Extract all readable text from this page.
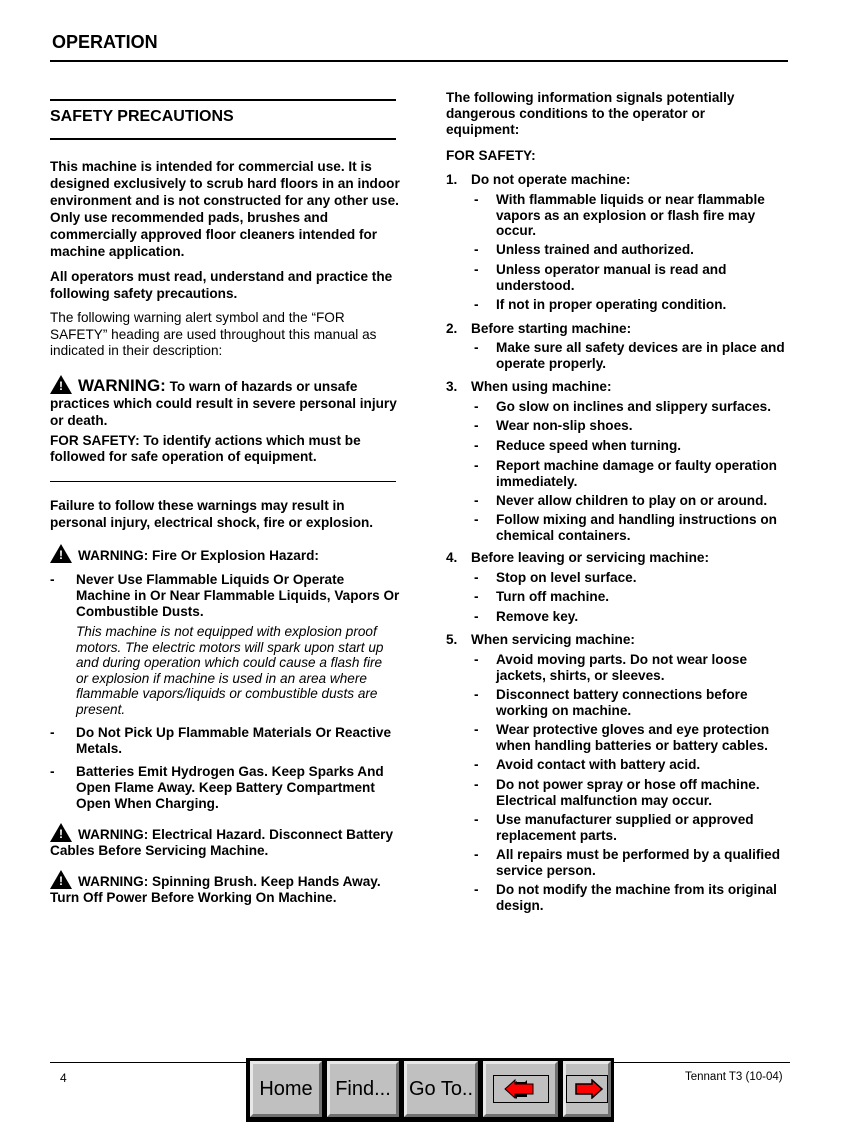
OPERATION
SAFETY PRECAUTIONS
This machine is intended for commercial use. It is designed exclusively to scrub hard floors in an indoor environment and is not constructed for any other use. Only use recommended pads, brushes and commercially approved floor cleaners intended for machine application.
All operators must read, understand and practice the following safety precautions.
The following warning alert symbol and the “FOR SAFETY” heading are used throughout this manual as indicated in their description:
!WARNING: To warn of hazards or unsafe practices which could result in severe personal injury or death.
FOR SAFETY: To identify actions which must be followed for safe operation of equipment.
Failure to follow these warnings may result in personal injury, electrical shock, fire or explosion.
!WARNING: Fire Or Explosion Hazard:
- Never Use Flammable Liquids Or Operate Machine in Or Near Flammable Liquids, Vapors Or Combustible Dusts.
This machine is not equipped with explosion proof motors. The electric motors will spark upon start up and during operation which could cause a flash fire or explosion if machine is used in an area where flammable vapors/liquids or combustible dusts are present.
- Do Not Pick Up Flammable Materials Or Reactive Metals.
- Batteries Emit Hydrogen Gas. Keep Sparks And Open Flame Away. Keep Battery Compartment Open When Charging.
!WARNING: Electrical Hazard. Disconnect Battery Cables Before Servicing Machine.
!WARNING: Spinning Brush. Keep Hands Away. Turn Off Power Before Working On Machine.
The following information signals potentially dangerous conditions to the operator or equipment:
FOR SAFETY:
1. Do not operate machine:
- With flammable liquids or near flammable vapors as an explosion or flash fire may occur.
- Unless trained and authorized.
- Unless operator manual is read and understood.
- If not in proper operating condition.
2. Before starting machine:
- Make sure all safety devices are in place and operate properly.
3. When using machine:
- Go slow on inclines and slippery surfaces.
- Wear non-slip shoes.
- Reduce speed when turning.
- Report machine damage or faulty operation immediately.
- Never allow children to play on or around.
- Follow mixing and handling instructions on chemical containers.
4. Before leaving or servicing machine:
- Stop on level surface.
- Turn off machine.
- Remove key.
5. When servicing machine:
- Avoid moving parts. Do not wear loose jackets, shirts, or sleeves.
- Disconnect battery connections before working on machine.
- Wear protective gloves and eye protection when handling batteries or battery cables.
- Avoid contact with battery acid.
- Do not power spray or hose off machine. Electrical malfunction may occur.
- Use manufacturer supplied or approved replacement parts.
- All repairs must be performed by a qualified service person.
- Do not modify the machine from its original design.
4	Tennant T3 (10-04)
Home	Find... Go To..
